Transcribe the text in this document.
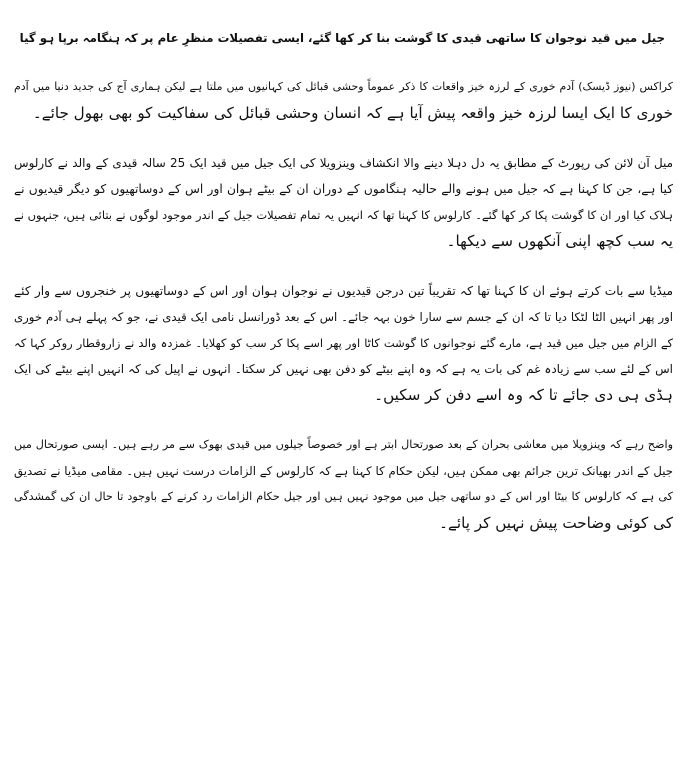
جیل میں قید نوجوان کا ساتھی قیدی کا گوشت بنا کر کھا گئے، ایسی تفصیلات منظرِ عام پر کہ ہنگامہ برپا ہو گیا
کراکس (نیوز ڈیسک) آدم خوری کے لرزہ خیز واقعات کا ذکر عموماً وحشی قبائل کی کہانیوں میں ملتا ہے لیکن ہماری آج کی جدید دنیا میں آدم
خوری کا ایک ایسا لرزہ خیز واقعہ پیش آیا ہے کہ انسان وحشی قبائل کی سفاکیت کو بھی بھول جائے۔
میل آن لائن کی رپورٹ کے مطابق یہ دل دہلا دینے والا انکشاف وینزویلا کی ایک جیل میں قید ایک 25 سالہ قیدی کے والد نے کارلوس
کیا ہے، جن کا کہنا ہے کہ جیل میں ہونے والے حالیہ ہنگاموں کے دوران ان کے بیٹے ہوان اور اس کے دوساتھیوں کو دیگر قیدیوں نے
ہلاک کیا اور ان کا گوشت پکا کر کھا گئے۔ کارلوس کا کہنا تھا کہ انہیں یہ تمام تفصیلات جیل کے اندر موجود لوگوں نے بتائی ہیں، جنہوں نے
یہ سب کچھ اپنی آنکھوں سے دیکھا۔
میڈیا سے بات کرتے ہوئے ان کا کہنا تھا کہ تقریباً تین درجن قیدیوں نے نوجوان ہوان اور اس کے دوساتھیوں پر خنجروں سے وار کئے
اور پھر انہیں الٹا لٹکا دیا تا کہ ان کے جسم سے سارا خون بہہ جائے۔ اس کے بعد ڈورانسل نامی ایک قیدی نے، جو کہ پہلے ہی آدم خوری
کے الزام میں جیل میں قید ہے، مارے گئے نوجوانوں کا گوشت کاٹا اور پھر اسے پکا کر سب کو کھلایا۔ غمزدہ والد نے زاروقطار روکر کہا کہ
اس کے لئے سب سے زیادہ غم کی بات یہ ہے کہ وہ اپنے بیٹے کو دفن بھی نہیں کر سکتا۔ انہوں نے اپیل کی کہ انہیں اپنے بیٹے کی ایک
ہڈی ہی دی جائے تا کہ وہ اسے دفن کر سکیں۔
واضح رہے کہ وینزویلا میں معاشی بحران کے بعد صورتحال ابتر ہے اور خصوصاً جیلوں میں قیدی بھوک سے مر رہے ہیں۔ ایسی صورتحال میں
جیل کے اندر بھیانک ترین جرائم بھی ممکن ہیں، لیکن حکام کا کہنا ہے کہ کارلوس کے الزامات درست نہیں ہیں۔ مقامی میڈیا نے تصدیق
کی ہے کہ کارلوس کا بیٹا اور اس کے دو ساتھی جیل میں موجود نہیں ہیں اور جیل حکام الزامات رد کرنے کے باوجود تا حال ان کی گمشدگی
کی کوئی وضاحت پیش نہیں کر پائے۔
